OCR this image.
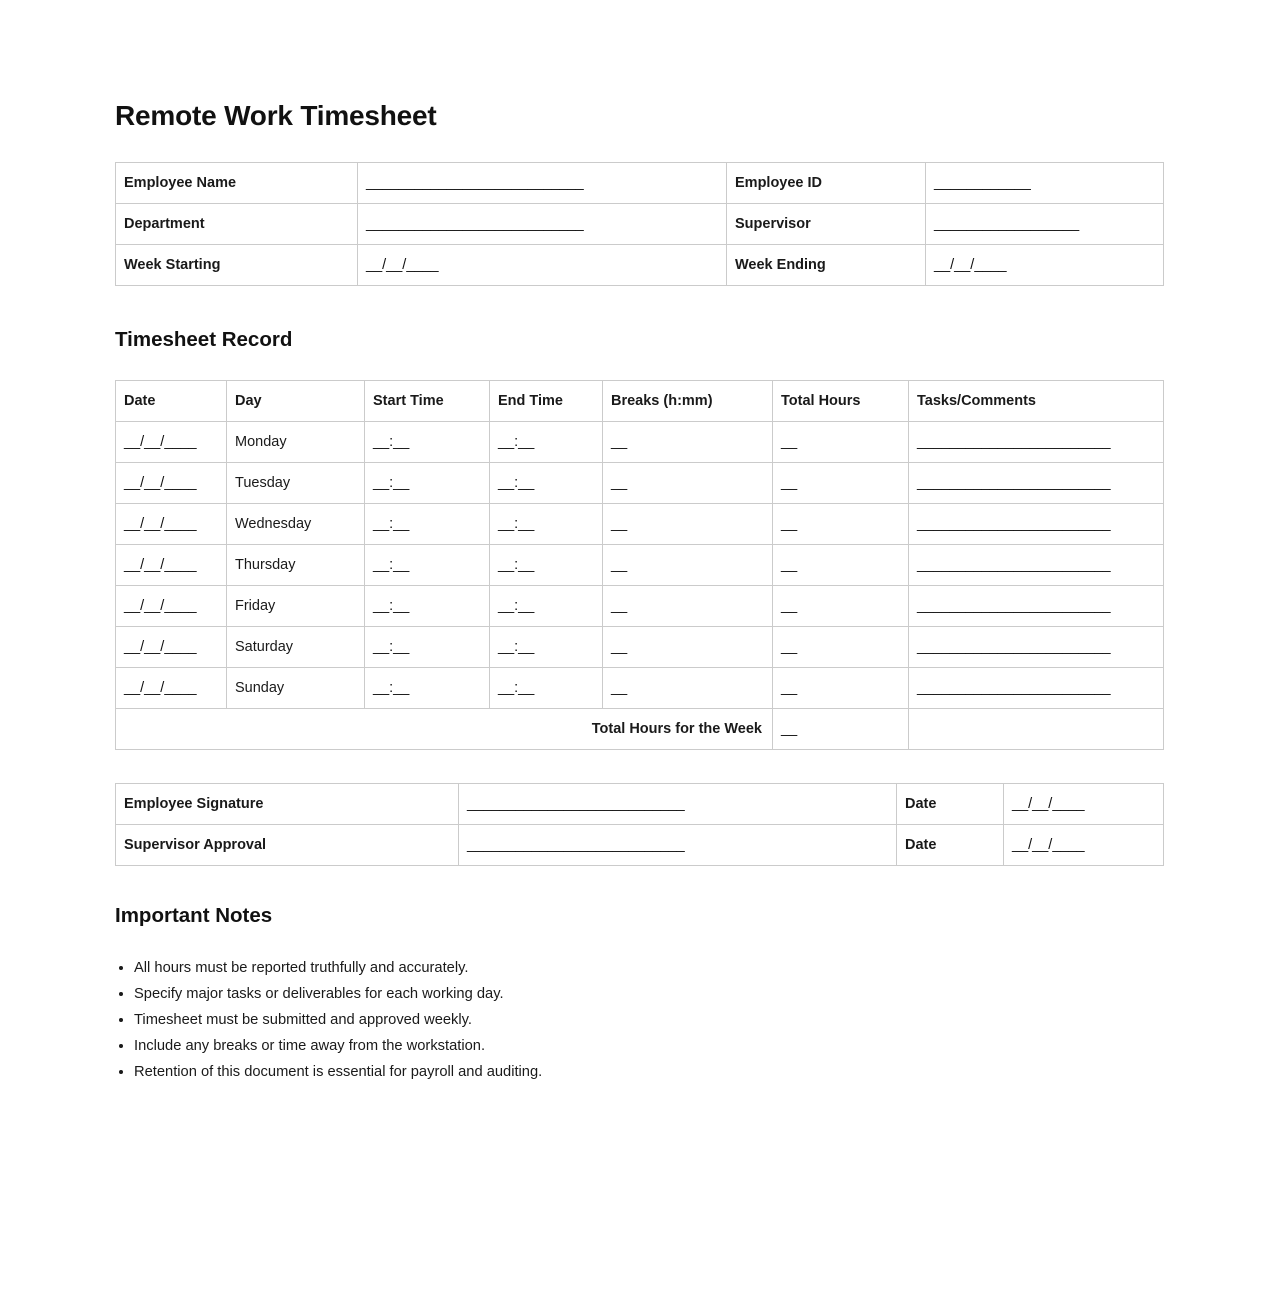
Remote Work Timesheet
Employee Name	___________________________	Employee ID	____________
Department	___________________________	Supervisor	__________________
Week Starting	__/__/____	Week Ending	__/__/____
Timesheet Record
Date	Day	Start Time	End Time	Breaks (h:mm)	Total Hours	Tasks/Comments
__/__/____	Monday	__:__	__:__	__	__	________________________
__/__/____	Tuesday	__:__	__:__	__	__	________________________
__/__/____	Wednesday	__:__	__:__	__	__	________________________
__/__/____	Thursday	__:__	__:__	__	__	________________________
__/__/____	Friday	__:__	__:__	__	__	________________________
__/__/____	Saturday	__:__	__:__	__	__	________________________
__/__/____	Sunday	__:__	__:__	__	__	________________________
Total Hours for the Week					__	
Employee Signature	___________________________	Date	__/__/____
Supervisor Approval	___________________________	Date	__/__/____
Important Notes
• All hours must be reported truthfully and accurately.
• Specify major tasks or deliverables for each working day.
• Timesheet must be submitted and approved weekly.
• Include any breaks or time away from the workstation.
• Retention of this document is essential for payroll and auditing.
